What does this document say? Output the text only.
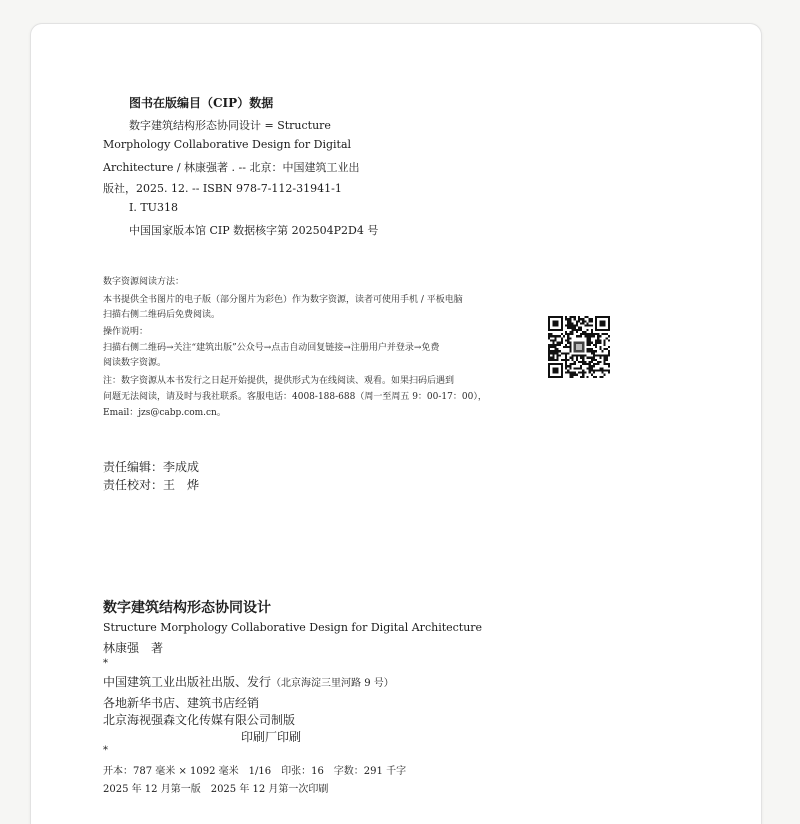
图书在版编目（CIP）数据
数字建筑结构形态协同设计 = Structure
Morphology Collaborative Design for Digital
Architecture / 林康强著 . -- 北京：中国建筑工业出
版社，2025. 12. -- ISBN 978-7-112-31941-1
Ⅰ. TU318
中国国家版本馆 CIP 数据核字第 202504P2D4 号
数字资源阅读方法：
本书提供全书图片的电子版（部分图片为彩色）作为数字资源，读者可使用手机 / 平板电脑
扫描右侧二维码后免费阅读。
操作说明：
扫描右侧二维码→关注“建筑出版”公众号→点击自动回复链接→注册用户并登录→免费
阅读数字资源。
注：数字资源从本书发行之日起开始提供，提供形式为在线阅读、观看。如果扫码后遇到
问题无法阅读，请及时与我社联系。客服电话：4008-188-688（周一至周五 9：00-17：00），
Email：jzs@cabp.com.cn。
责任编辑：李成成
责任校对：王　烨
数字建筑结构形态协同设计
Structure Morphology Collaborative Design for Digital Architecture
林康强　著
*
中国建筑工业出版社出版、发行（北京海淀三里河路 9 号）
各地新华书店、建筑书店经销
北京海视强森文化传媒有限公司制版
印刷厂印刷
*
开本：787 毫米 × 1092 毫米　1/16　印张：16　字数：291 千字
2025 年 12 月第一版　2025 年 12 月第一次印刷
